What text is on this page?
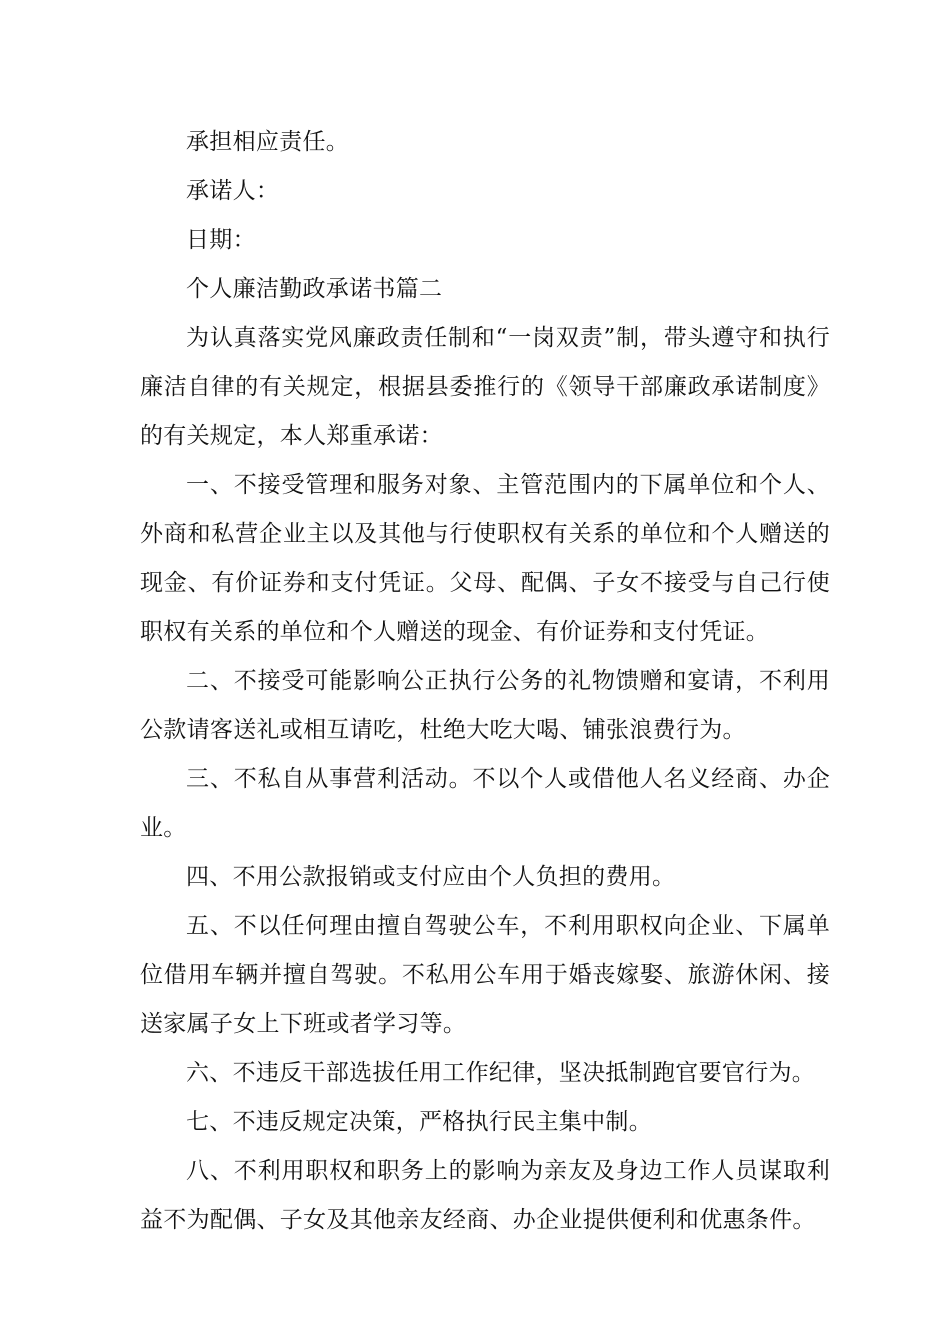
承担相应责任。

承诺人：

日期：

个人廉洁勤政承诺书篇二

为认真落实党风廉政责任制和“一岗双责”制，带头遵守和执行廉洁自律的有关规定，根据县委推行的《领导干部廉政承诺制度》的有关规定，本人郑重承诺：

一、不接受管理和服务对象、主管范围内的下属单位和个人、外商和私营企业主以及其他与行使职权有关系的单位和个人赠送的现金、有价证券和支付凭证。父母、配偶、子女不接受与自己行使职权有关系的单位和个人赠送的现金、有价证券和支付凭证。

二、不接受可能影响公正执行公务的礼物馈赠和宴请，不利用公款请客送礼或相互请吃，杜绝大吃大喝、铺张浪费行为。

三、不私自从事营利活动。不以个人或借他人名义经商、办企业。

四、不用公款报销或支付应由个人负担的费用。

五、不以任何理由擅自驾驶公车，不利用职权向企业、下属单位借用车辆并擅自驾驶。不私用公车用于婚丧嫁娶、旅游休闲、接送家属子女上下班或者学习等。

六、不违反干部选拔任用工作纪律，坚决抵制跑官要官行为。

七、不违反规定决策，严格执行民主集中制。

八、不利用职权和职务上的影响为亲友及身边工作人员谋取利益不为配偶、子女及其他亲友经商、办企业提供便利和优惠条件。
